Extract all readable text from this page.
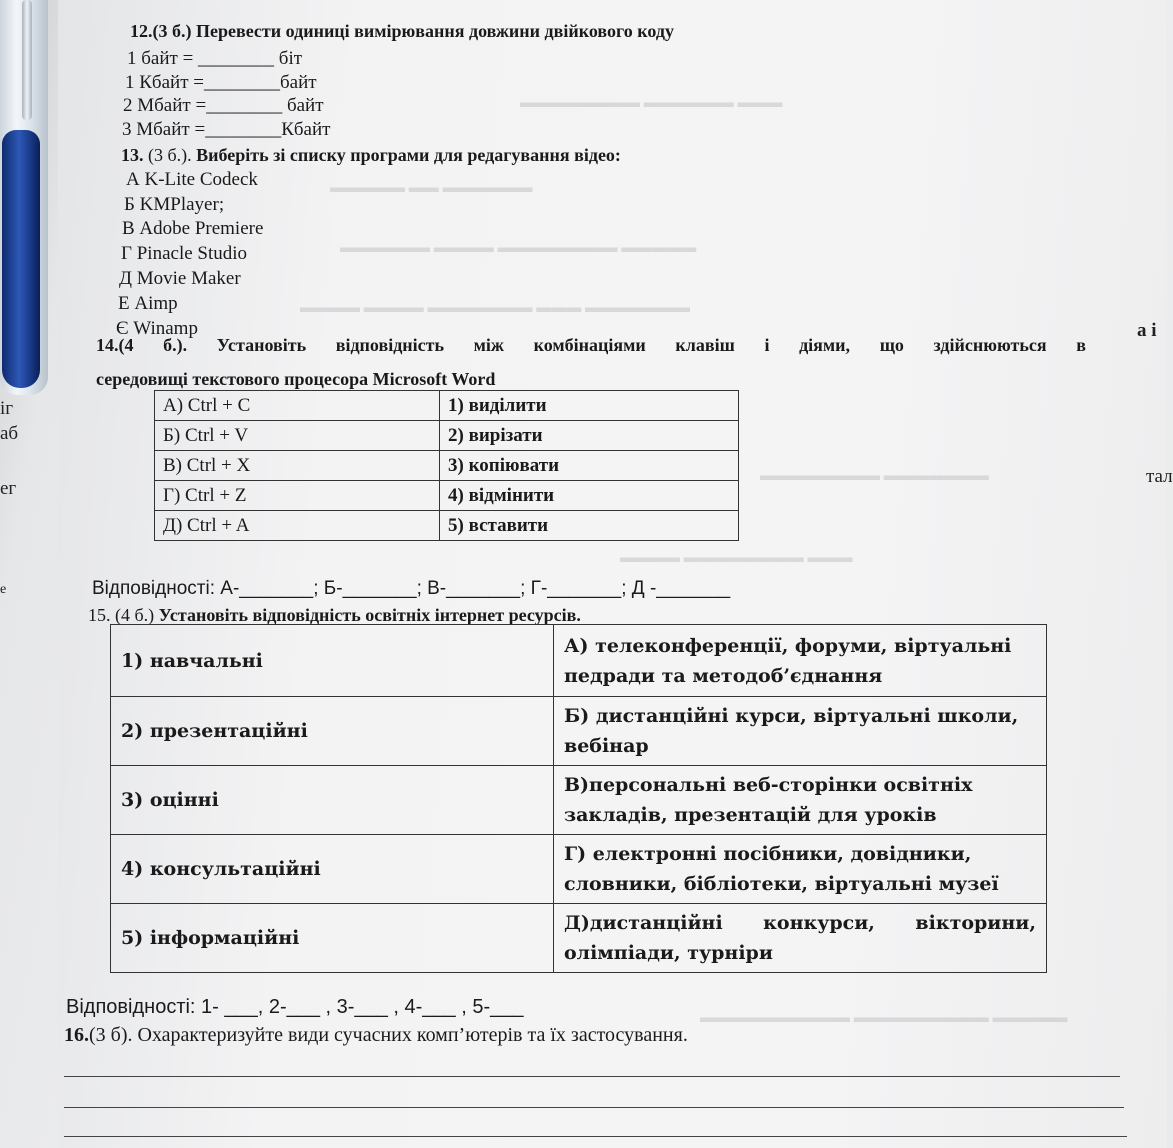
▬▬▬ ▬▬▬▬▬▬ ▬▬▬▬▬▬▬▬
▬▬▬▬▬▬ ▬▬ ▬▬▬▬▬
▬▬▬▬▬ ▬▬▬▬▬▬▬▬ ▬▬▬▬ ▬▬▬▬▬▬
▬▬▬▬▬▬▬ ▬▬▬ ▬▬▬▬▬▬▬ ▬▬▬▬ ▬▬▬▬
▬▬▬▬▬▬▬ ▬▬▬▬▬▬▬▬
▬▬▬ ▬▬▬▬▬▬▬▬ ▬▬▬▬
▬▬▬▬▬ ▬▬▬▬▬▬▬▬▬ ▬▬▬▬▬▬▬▬▬▬
а і
тал
іг
аб
ег
е
12.(3 б.) Перевести одиниці вимірювання довжини двійкового коду
1 байт = ________ біт
1 Кбайт =________байт
2 Мбайт =________ байт
3 Мбайт =________Кбайт
13. (3 б.). Виберіть зі списку програми для редагування відео:
А K-Lite Codeck
Б KMPlayer;
В Adobe Premiere
Г Pinacle Studio
Д Movie Maker
Е Aimp
Є Winamp
14.(4 б.). Установіть відповідність між комбінаціями клавіш і діями, що здійснюються в
середовищі текстового процесора Microsoft Word
А) Ctrl + C	1) виділити
Б) Ctrl + V	2) вирізати
В) Ctrl + X	3) копіювати
Г) Ctrl + Z	4) відмінити
Д) Ctrl + A	5) вставити
Відповідності: А-_______; Б-_______; В-_______; Г-_______; Д -_______
15. (4 б.) Установіть відповідність освітніх інтернет ресурсів.
1) навчальні	А) телеконференції, форуми, віртуальні педради та методоб’єднання
2) презентаційні	Б) дистанційні курси, віртуальні школи, вебінар
3) оцінні	В)персональні веб-сторінки освітніх закладів, презентацій для уроків
4) консультаційні	Г) електронні посібники, довідники, словники, бібліотеки, віртуальні музеї
5) інформаційні	Д)дистанційні конкурси, вікторини,
олімпіади, турніри
Відповідності: 1- ___, 2-___ , 3-___ , 4-___ , 5-___
16.(3 б). Охарактеризуйте види сучасних комп’ютерів та їх застосування.
